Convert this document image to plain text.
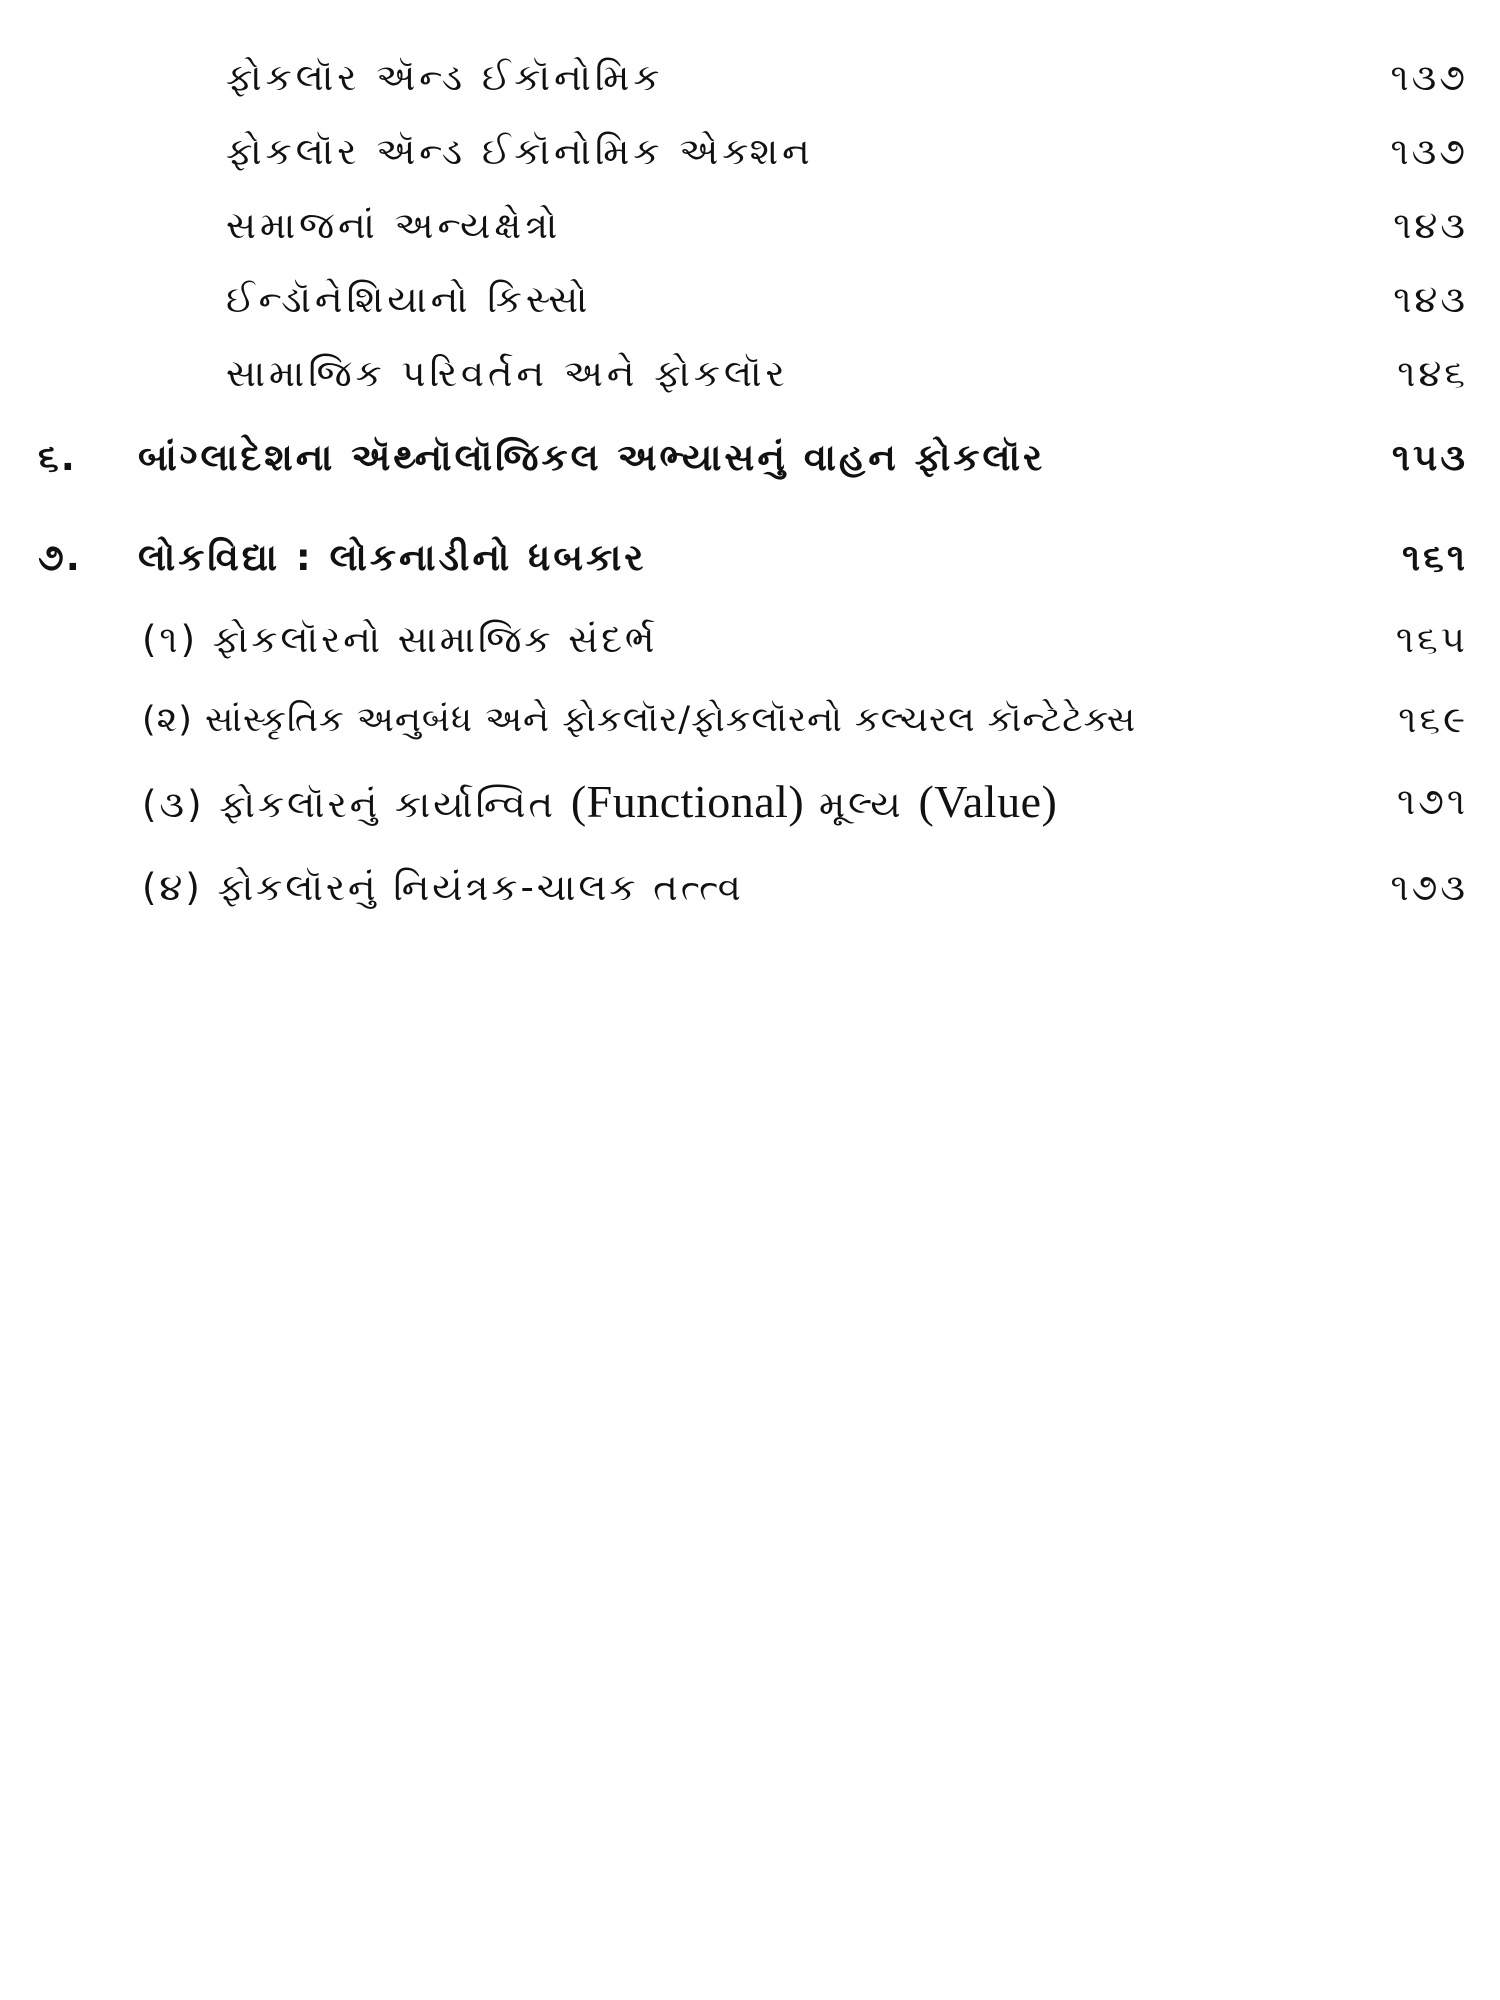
ફોકલૉર ઍન્ડ ઈકૉનોમિક	૧૩૭
ફોકલૉર ઍન્ડ ઈકૉનોમિક એક્શન	૧૩૭
સમાજનાં અન્યક્ષેત્રો	૧૪૩
ઈન્ડૉનેશિયાનો કિસ્સો	૧૪૩
સામાજિક પરિવર્તન અને ફોકલૉર	૧૪૬
૬. બાંગ્લાદેશના ઍથ્નૉલૉજિકલ અભ્યાસનું વાહન ફોકલૉર	૧૫૩
૭. લોકવિદ્યા : લોકનાડીનો ધબકાર	૧૬૧
(૧) ફોકલૉરનો સામાજિક સંદર્ભ	૧૬૫
(૨) સાંસ્કૃતિક અનુબંધ અને ફોકલૉર/ફોકલૉરનો કલ્ચરલ કૉન્ટેટેક્સ	૧૬૯
(૩) ફોકલૉરનું કાર્યાન્વિત (Functional) મૂલ્ય (Value)	૧૭૧
(૪) ફોકલૉરનું નિયંત્રક-ચાલક તત્ત્વ	૧૭૩
